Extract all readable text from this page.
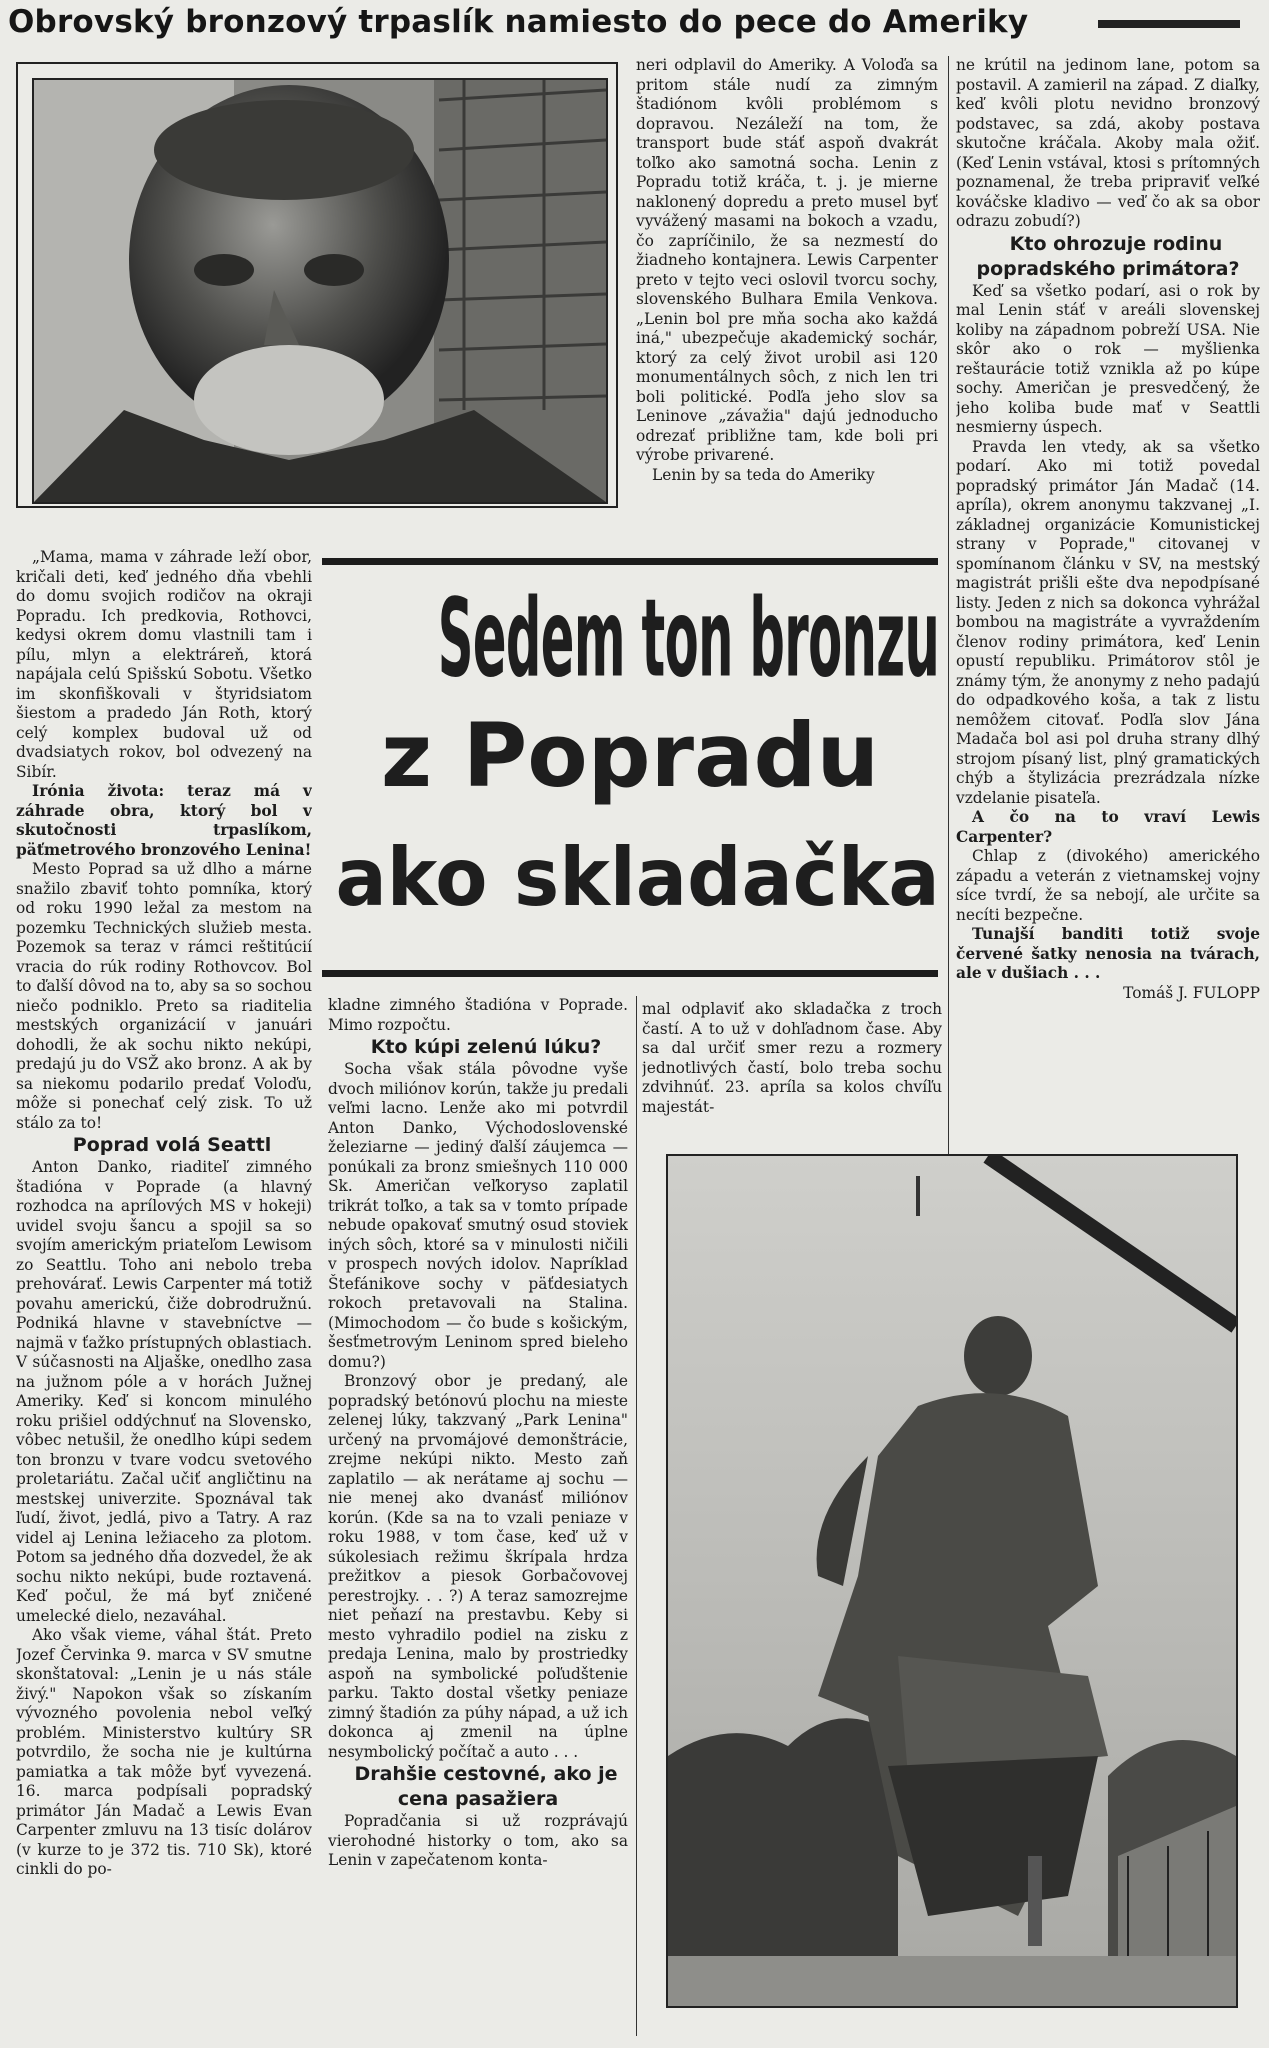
Obrovský bronzový trpaslík namiesto do pece do Ameriky

„Mama, mama v záhrade leží obor, kričali deti, keď jedného dňa vbehli do domu svojich rodičov na okraji Popradu. Ich predkovia, Rothovci, kedysi okrem domu vlastnili tam i pílu, mlyn a elektráreň, ktorá napájala celú Spišskú Sobotu. Všetko im skonfiškovali v štyridsiatom šiestom a pradedo Ján Roth, ktorý celý komplex budoval už od dvadsiatych rokov, bol odvezený na Sibír.

Irónia života: teraz má v záhrade obra, ktorý bol v skutočnosti trpaslíkom, päťmetrového bronzového Lenina!

Mesto Poprad sa už dlho a márne snažilo zbaviť tohto pomníka, ktorý od roku 1990 ležal za mestom na pozemku Technických služieb mesta. Pozemok sa teraz v rámci reštitúcií vracia do rúk rodiny Rothovcov. Bol to ďalší dôvod na to, aby sa so sochou niečo podniklo. Preto sa riaditelia mestských organizácií v januári dohodli, že ak sochu nikto nekúpi, predajú ju do VSŽ ako bronz. A ak by sa niekomu podarilo predať Voloďu, môže si ponechať celý zisk. To už stálo za to!

Poprad volá Seattl

Anton Danko, riaditeľ zimného štadióna v Poprade (a hlavný rozhodca na aprílových MS v hokeji) uvidel svoju šancu a spojil sa so svojím americkým priateľom Lewisom zo Seattlu. Toho ani nebolo treba prehovárať. Lewis Carpenter má totiž povahu americkú, čiže dobrodružnú. Podniká hlavne v stavebníctve — najmä v ťažko prístupných oblastiach. V súčasnosti na Aljaške, onedlho zasa na južnom póle a v horách Južnej Ameriky. Keď si koncom minulého roku prišiel oddýchnuť na Slovensko, vôbec netušil, že onedlho kúpi sedem ton bronzu v tvare vodcu svetového proletariátu. Začal učiť angličtinu na mestskej univerzite. Spoznával tak ľudí, život, jedlá, pivo a Tatry. A raz videl aj Lenina ležiaceho za plotom. Potom sa jedného dňa dozvedel, že ak sochu nikto nekúpi, bude roztavená. Keď počul, že má byť zničené umelecké dielo, nezaváhal.

Ako však vieme, váhal štát. Preto Jozef Červinka 9. marca v SV smutne skonštatoval: „Lenin je u nás stále živý." Napokon však so získaním vývozného povolenia nebol veľký problém. Ministerstvo kultúry SR potvrdilo, že socha nie je kultúrna pamiatka a tak môže byť vyvezená. 16. marca podpísali popradský primátor Ján Madač a Lewis Evan Carpenter zmluvu na 13 tisíc dolárov (v kurze to je 372 tis. 710 Sk), ktoré cinkli do po-

neri odplavil do Ameriky. A Voloďa sa pritom stále nudí za zimným štadiónom kvôli problémom s dopravou. Nezáleží na tom, že transport bude stáť aspoň dvakrát toľko ako samotná socha. Lenin z Popradu totiž kráča, t. j. je mierne naklonený dopredu a preto musel byť vyvážený masami na bokoch a vzadu, čo zapríčinilo, že sa nezmestí do žiadneho kontajnera. Lewis Carpenter preto v tejto veci oslovil tvorcu sochy, slovenského Bulhara Emila Venkova. „Lenin bol pre mňa socha ako každá iná," ubezpečuje akademický sochár, ktorý za celý život urobil asi 120 monumentálnych sôch, z nich len tri boli politické. Podľa jeho slov sa Leninove „závažia" dajú jednoducho odrezať približne tam, kde boli pri výrobe privarené.

Lenin by sa teda do Ameriky

ne krútil na jedinom lane, potom sa postavil. A zamieril na západ. Z diaľky, keď kvôli plotu nevidno bronzový podstavec, sa zdá, akoby postava skutočne kráčala. Akoby mala ožiť. (Keď Lenin vstával, ktosi s prítomných poznamenal, že treba pripraviť veľké kováčske kladivo — veď čo ak sa obor odrazu zobudí?)

Kto ohrozuje rodinu popradského primátora?

Keď sa všetko podarí, asi o rok by mal Lenin stáť v areáli slovenskej koliby na západnom pobreží USA. Nie skôr ako o rok — myšlienka reštaurácie totiž vznikla až po kúpe sochy. Američan je presvedčený, že jeho koliba bude mať v Seattli nesmierny úspech.

Pravda len vtedy, ak sa všetko podarí. Ako mi totiž povedal popradský primátor Ján Madač (14. apríla), okrem anonymu takzvanej „I. základnej organizácie Komunistickej strany v Poprade," citovanej v spomínanom článku v SV, na mestský magistrát prišli ešte dva nepodpísané listy. Jeden z nich sa dokonca vyhrážal bombou na magistráte a vyvraždením členov rodiny primátora, keď Lenin opustí republiku. Primátorov stôl je známy tým, že anonymy z neho padajú do odpadkového koša, a tak z listu nemôžem citovať. Podľa slov Jána Madača bol asi pol druha strany dlhý strojom písaný list, plný gramatických chýb a štylizácia prezrádzala nízke vzdelanie pisateľa.

A čo na to vraví Lewis Carpenter?

Chlap z (divokého) amerického západu a veterán z vietnamskej vojny síce tvrdí, že sa nebojí, ale určite sa necíti bezpečne.

Tunajší banditi totiž svoje červené šatky nenosia na tvárach, ale v dušiach . . .

Tomáš J. FULOPP

Sedem ton bronzu
z Popradu
ako skladačka

kladne zimného štadióna v Poprade. Mimo rozpočtu.

Kto kúpi zelenú lúku?

Socha však stála pôvodne vyše dvoch miliónov korún, takže ju predali veľmi lacno. Lenže ako mi potvrdil Anton Danko, Východoslovenské železiarne — jediný ďalší záujemca — ponúkali za bronz smiešnych 110 000 Sk. Američan veľkoryso zaplatil trikrát toľko, a tak sa v tomto prípade nebude opakovať smutný osud stoviek iných sôch, ktoré sa v minulosti ničili v prospech nových idolov. Napríklad Štefánikove sochy v päťdesiatych rokoch pretavovali na Stalina. (Mimochodom — čo bude s košickým, šesťmetrovým Leninom spred bieleho domu?)

Bronzový obor je predaný, ale popradský betónovú plochu na mieste zelenej lúky, takzvaný „Park Lenina" určený na prvomájové demonštrácie, zrejme nekúpi nikto. Mesto zaň zaplatilo — ak nerátame aj sochu — nie menej ako dvanásť miliónov korún. (Kde sa na to vzali peniaze v roku 1988, v tom čase, keď už v súkolesiach režimu škrípala hrdza prežitkov a piesok Gorbačovovej perestrojky. . . ?) A teraz samozrejme niet peňazí na prestavbu. Keby si mesto vyhradilo podiel na zisku z predaja Lenina, malo by prostriedky aspoň na symbolické poľudštenie parku. Takto dostal všetky peniaze zimný štadión za púhy nápad, a už ich dokonca aj zmenil na úplne nesymbolický počítač a auto . . .

Drahšie cestovné, ako je cena pasažiera

Popradčania si už rozprávajú vierohodné historky o tom, ako sa Lenin v zapečatenom konta-

mal odplaviť ako skladačka z troch častí. A to už v dohľadnom čase. Aby sa dal určiť smer rezu a rozmery jednotlivých častí, bolo treba sochu zdvihnúť. 23. apríla sa kolos chvíľu majestát-
